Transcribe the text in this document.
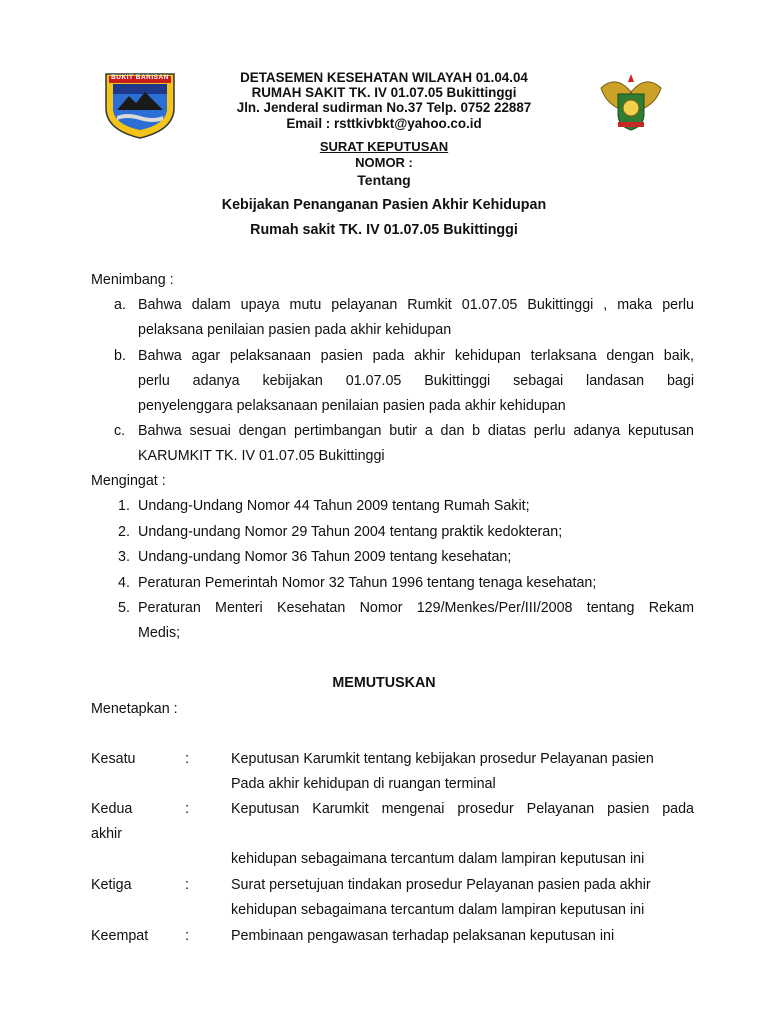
BUKIT BARISAN	DETASEMEN KESEHATAN WILAYAH 01.04.04
RUMAH SAKIT TK. IV 01.07.05 Bukittinggi
Jln. Jenderal sudirman No.37 Telp. 0752 22887
Email : rsttkivbkt@yahoo.co.id
SURAT KEPUTUSAN
NOMOR :
Tentang
Kebijakan Penanganan Pasien Akhir Kehidupan
Rumah sakit TK. IV 01.07.05 Bukittinggi
Menimbang :
a. Bahwa dalam upaya mutu pelayanan Rumkit 01.07.05 Bukittinggi , maka perlu
pelaksana penilaian pasien pada akhir kehidupan
b. Bahwa agar pelaksanaan pasien pada akhir kehidupan terlaksana dengan baik,
perlu adanya kebijakan 01.07.05 Bukittinggi sebagai landasan bagi
penyelenggara pelaksanaan penilaian pasien pada akhir kehidupan
c. Bahwa sesuai dengan pertimbangan butir a dan b diatas perlu adanya keputusan
KARUMKIT TK. IV 01.07.05 Bukittinggi
Mengingat :
1. Undang-Undang Nomor 44 Tahun 2009 tentang Rumah Sakit;
2. Undang-undang Nomor 29 Tahun 2004 tentang praktik kedokteran;
3. Undang-undang Nomor 36 Tahun 2009 tentang kesehatan;
4. Peraturan Pemerintah Nomor 32 Tahun 1996 tentang tenaga kesehatan;
5. Peraturan Menteri Kesehatan Nomor 129/Menkes/Per/III/2008 tentang Rekam
Medis;
MEMUTUSKAN
Menetapkan :
Kesatu	:	Keputusan Karumkit tentang kebijakan prosedur Pelayanan pasien
Pada akhir kehidupan di ruangan terminal
Kedua	:	Keputusan Karumkit mengenai prosedur Pelayanan pasien pada
akhir
kehidupan sebagaimana tercantum dalam lampiran keputusan ini
Ketiga	:	Surat persetujuan tindakan prosedur Pelayanan pasien pada akhir
kehidupan sebagaimana tercantum dalam lampiran keputusan ini
Keempat	:	Pembinaan pengawasan terhadap pelaksanan keputusan ini
